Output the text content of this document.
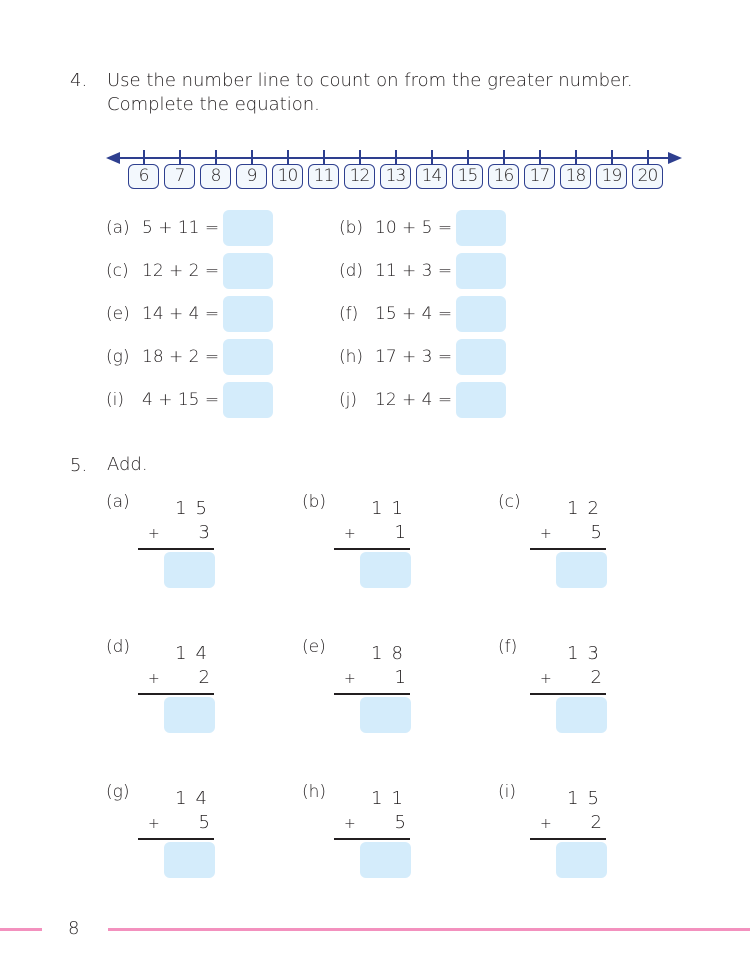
4. Use the number line to count on from the greater number.
Complete the equation.
6	7	8	9	10 11 12 13 14 15 16 17 18 19 20
(a) 5 + 11 =	(b) 10 + 5 =
(c) 12 + 2 =	(d) 11 + 3 =
(e) 14 + 4 =	(f) 15 + 4 =
(g) 18 + 2 =	(h) 17 + 3 =
(i)	4 + 15 =	(j)	12 + 4 =
5. Add.
(a)	15
+	3
(b)	11
+	1
(c)	12
+	5
(d)	14
+	2
(e)	18
+	1
(f)	13
+	2
(g)	14
+	5
(h)	11
+	5
(i)	15
+	2
8
